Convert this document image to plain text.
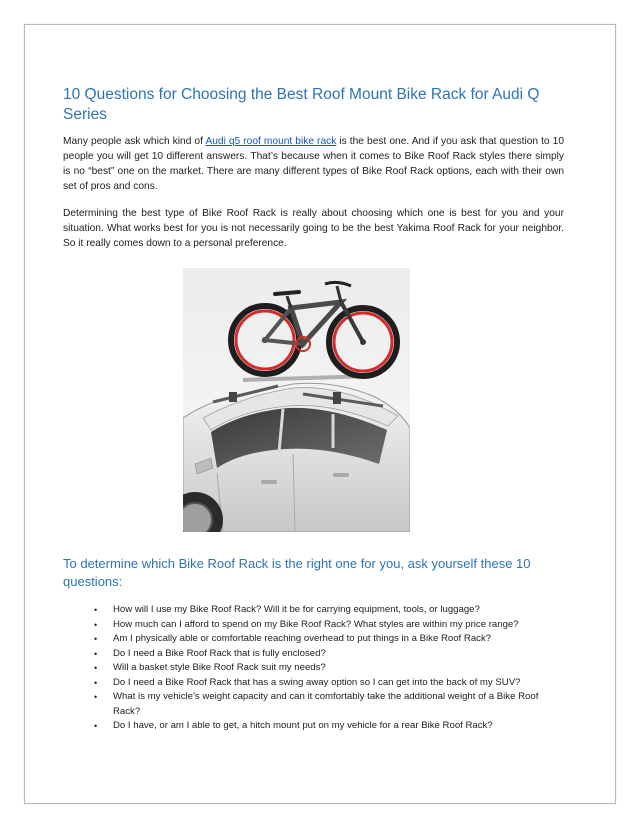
10 Questions for Choosing the Best Roof Mount Bike Rack for Audi Q Series

Many people ask which kind of Audi q5 roof mount bike rack is the best one. And if you ask that question to 10 people you will get 10 different answers. That’s because when it comes to Bike Roof Rack styles there simply is no “best” one on the market. There are many different types of Bike Roof Rack options, each with their own set of pros and cons.

Determining the best type of Bike Roof Rack is really about choosing which one is best for you and your situation. What works best for you is not necessarily going to be the best Yakima Roof Rack for your neighbor. So it really comes down to a personal preference.

To determine which Bike Roof Rack is the right one for you, ask yourself these 10 questions:
• How will I use my Bike Roof Rack? Will it be for carrying equipment, tools, or luggage?
• How much can I afford to spend on my Bike Roof Rack? What styles are within my price range?
• Am I physically able or comfortable reaching overhead to put things in a Bike Roof Rack?
• Do I need a Bike Roof Rack that is fully enclosed?
• Will a basket style Bike Roof Rack suit my needs?
• Do I need a Bike Roof Rack that has a swing away option so I can get into the back of my SUV?
• What is my vehicle’s weight capacity and can it comfortably take the additional weight of a Bike Roof Rack?
• Do I have, or am I able to get, a hitch mount put on my vehicle for a rear Bike Roof Rack?
